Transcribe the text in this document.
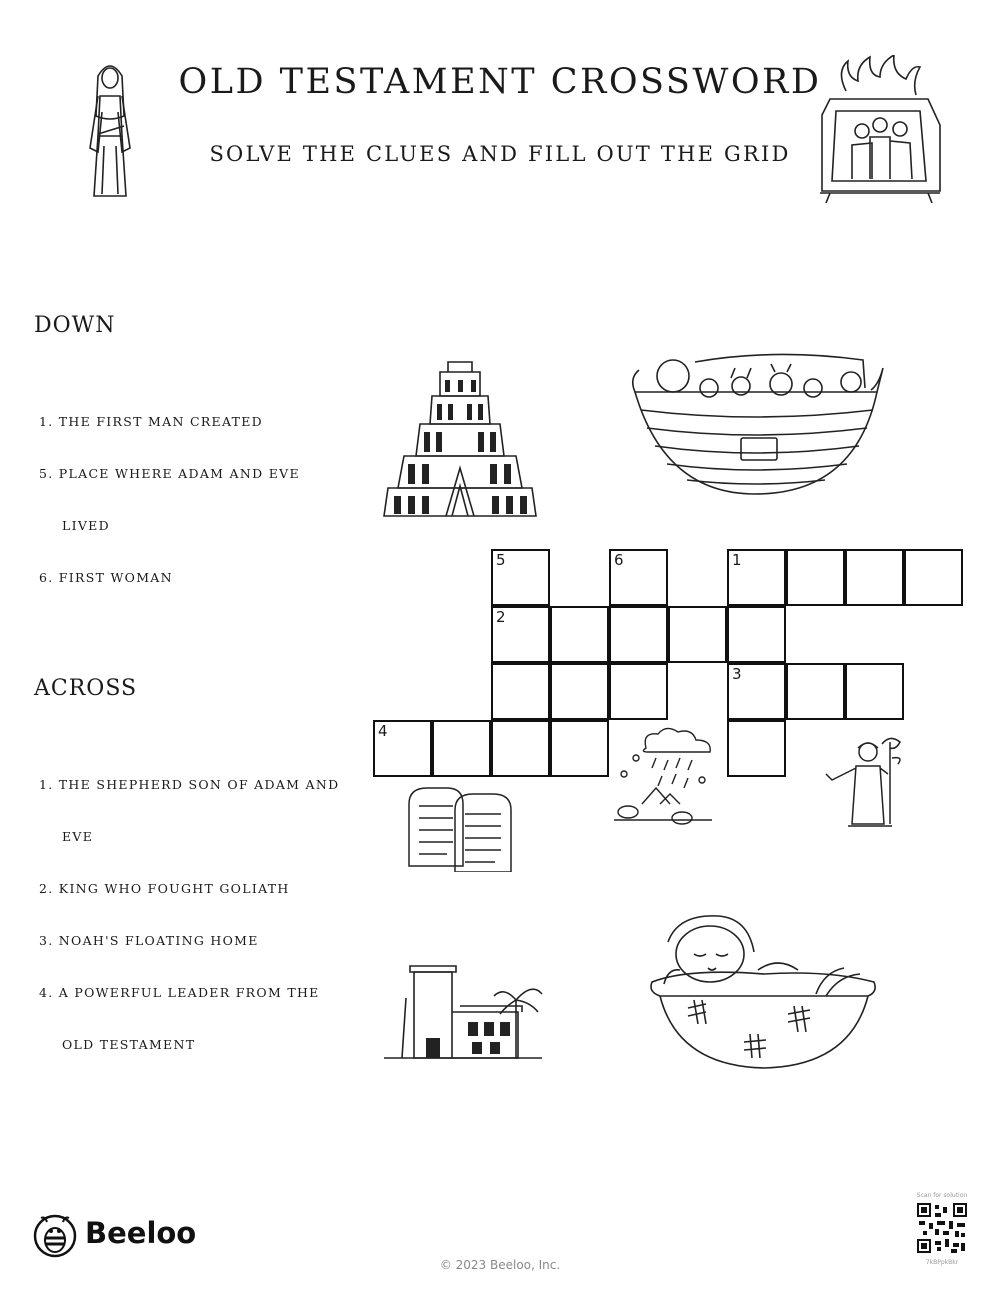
OLD TESTAMENT CROSSWORD
SOLVE THE CLUES AND FILL OUT THE GRID
DOWN
1. THE FIRST MAN CREATED
5. PLACE WHERE ADAM AND EVE
LIVED
6. FIRST WOMAN
ACROSS
1. THE SHEPHERD SON OF ADAM AND
EVE
2. KING WHO FOUGHT GOLIATH
3. NOAH'S FLOATING HOME
4. A POWERFUL LEADER FROM THE
OLD TESTAMENT
5	6	1
2
3
4
Beeloo
© 2023 Beeloo, Inc.
Scan for solution
7kBPpkBkr
